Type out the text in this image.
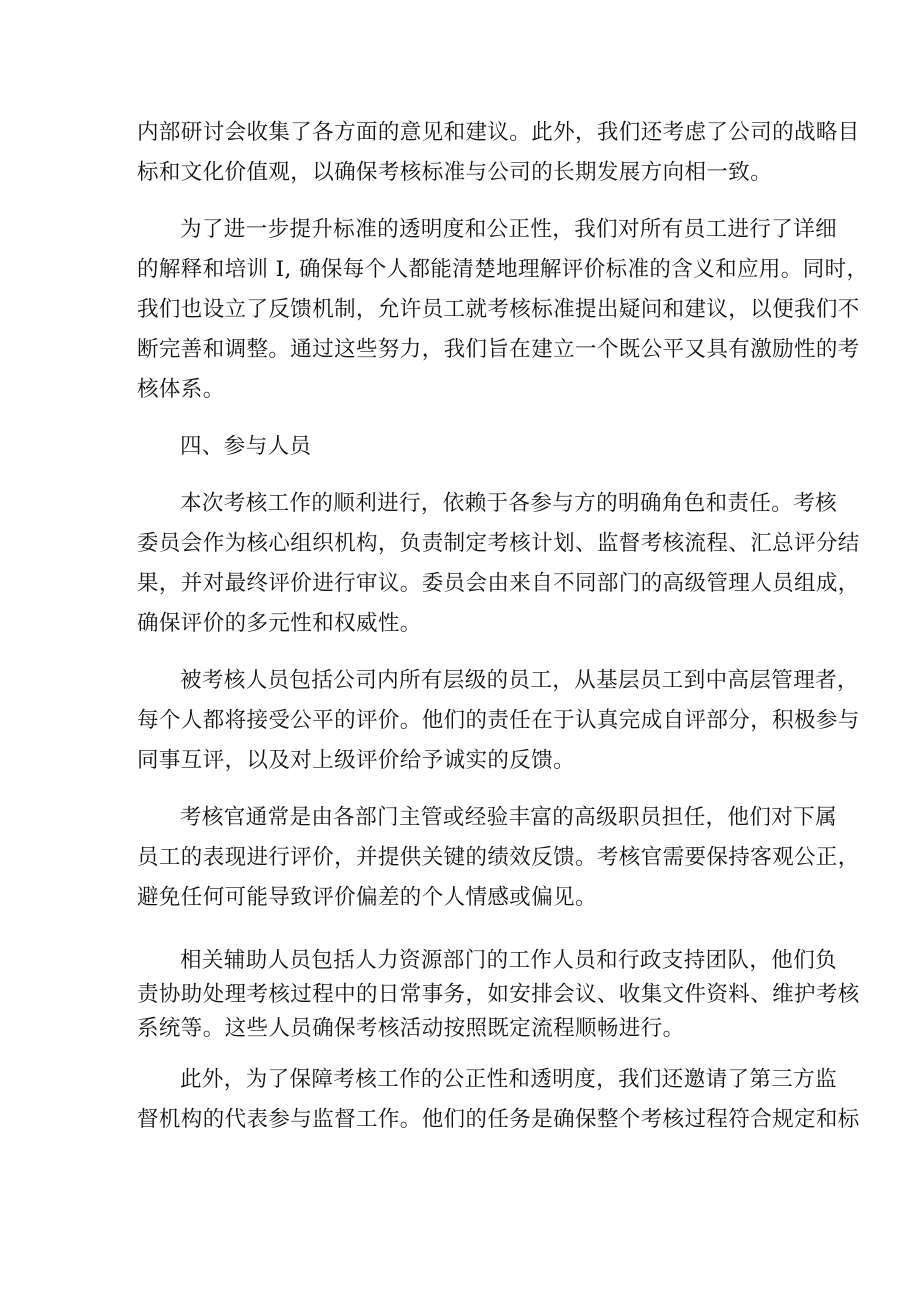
内部研讨会收集了各方面的意见和建议。此外，我们还考虑了公司的战略目
标和文化价值观，以确保考核标准与公司的长期发展方向相一致。

为了进一步提升标准的透明度和公正性，我们对所有员工进行了详细
的解释和培训 I, 确保每个人都能清楚地理解评价标准的含义和应用。同时，
我们也设立了反馈机制，允许员工就考核标准提出疑问和建议，以便我们不
断完善和调整。通过这些努力，我们旨在建立一个既公平又具有激励性的考
核体系。

四、参与人员

本次考核工作的顺利进行，依赖于各参与方的明确角色和责任。考核
委员会作为核心组织机构，负责制定考核计划、监督考核流程、汇总评分结
果，并对最终评价进行审议。委员会由来自不同部门的高级管理人员组成，
确保评价的多元性和权威性。

被考核人员包括公司内所有层级的员工，从基层员工到中高层管理者，
每个人都将接受公平的评价。他们的责任在于认真完成自评部分，积极参与
同事互评，以及对上级评价给予诚实的反馈。

考核官通常是由各部门主管或经验丰富的高级职员担任，他们对下属
员工的表现进行评价，并提供关键的绩效反馈。考核官需要保持客观公正，
避免任何可能导致评价偏差的个人情感或偏见。

相关辅助人员包括人力资源部门的工作人员和行政支持团队，他们负
责协助处理考核过程中的日常事务，如安排会议、收集文件资料、维护考核
系统等。这些人员确保考核活动按照既定流程顺畅进行。

此外，为了保障考核工作的公正性和透明度，我们还邀请了第三方监
督机构的代表参与监督工作。他们的任务是确保整个考核过程符合规定和标
